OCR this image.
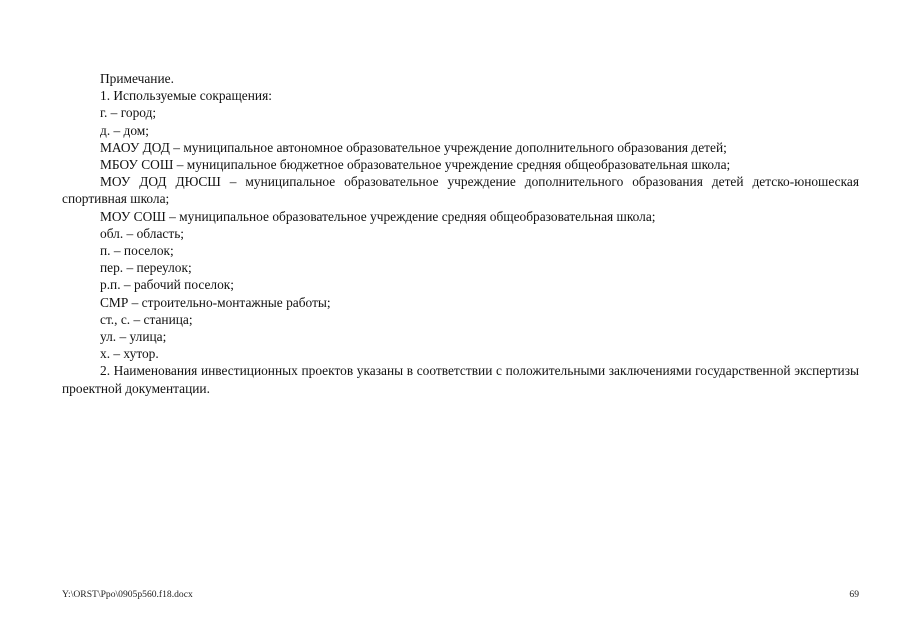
Примечание.

1. Используемые сокращения:

г. – город;

д. – дом;

МАОУ ДОД – муниципальное автономное образовательное учреждение дополнительного образования детей;

МБОУ СОШ – муниципальное бюджетное образовательное учреждение средняя общеобразовательная школа;

МОУ ДОД ДЮСШ – муниципальное образовательное учреждение дополнительного образования детей детско-юношеская спортивная школа;

МОУ СОШ – муниципальное образовательное учреждение средняя общеобразовательная школа;

обл. – область;

п. – поселок;

пер. – переулок;

р.п. – рабочий поселок;

СМР – строительно-монтажные работы;

ст., с. – станица;

ул. – улица;

х. – хутор.

2. Наименования инвестиционных проектов указаны в соответствии с положительными заключениями государственной экспертизы проектной документации.

Y:\ORST\Ppo\0905p560.f18.docx	69
